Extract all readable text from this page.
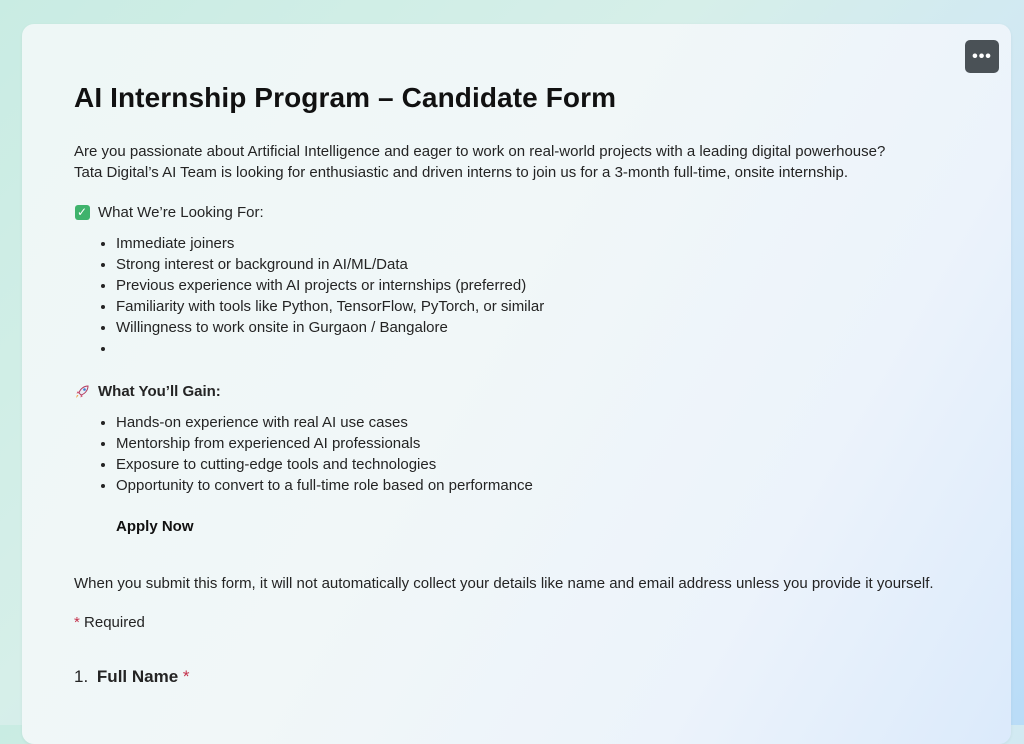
•••
AI Internship Program – Candidate Form
Are you passionate about Artificial Intelligence and eager to work on real-world projects with a leading digital powerhouse?
Tata Digital’s AI Team is looking for enthusiastic and driven interns to join us for a 3-month full-time, onsite internship.
✓ What We’re Looking For:
• Immediate joiners
• Strong interest or background in AI/ML/Data
• Previous experience with AI projects or internships (preferred)
• Familiarity with tools like Python, TensorFlow, PyTorch, or similar
• Willingness to work onsite in Gurgaon / Bangalore
•
What You’ll Gain:
• Hands-on experience with real AI use cases
• Mentorship from experienced AI professionals
• Exposure to cutting-edge tools and technologies
• Opportunity to convert to a full-time role based on performance
Apply Now
When you submit this form, it will not automatically collect your details like name and email address unless you provide it yourself.
* Required
1. Full Name *
